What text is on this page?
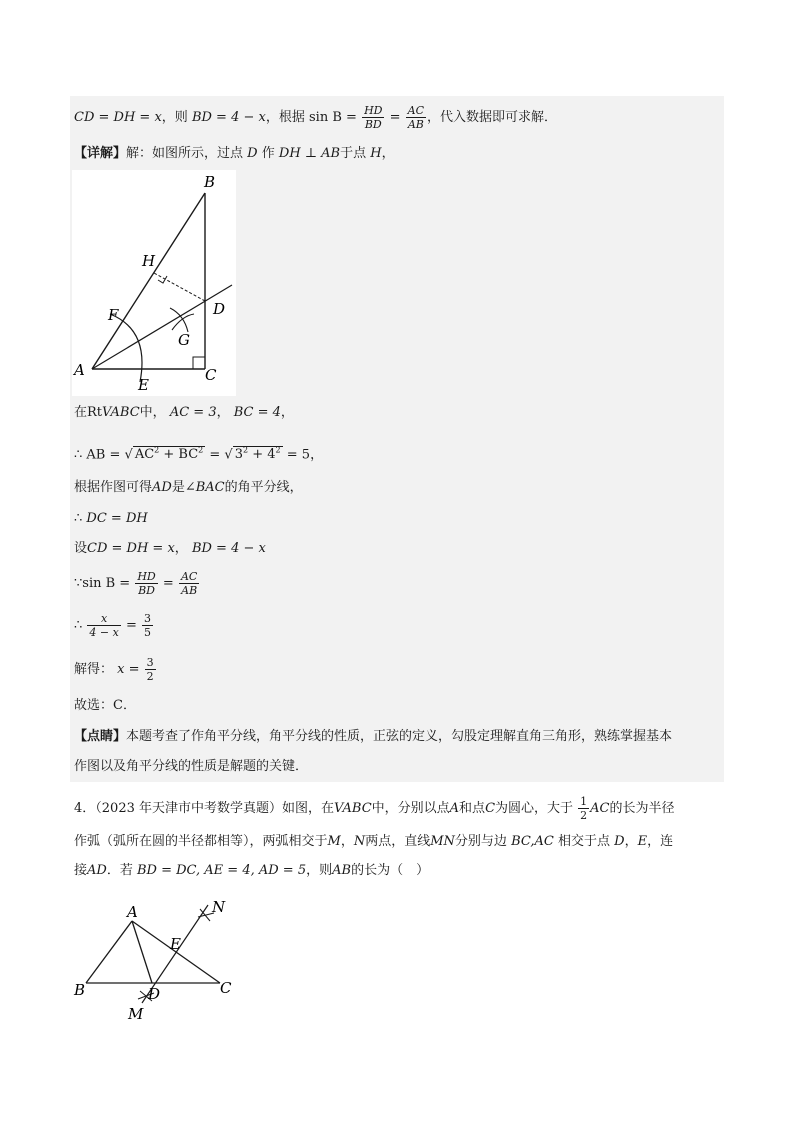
CD = DH = x，则 BD = 4 − x，根据 $\sin B = \frac{HD}{BD} = \frac{AC}{AB}$ ，代入数据即可求解．
【详解】解：如图所示，过点 D 作 DH ⊥ AB于点 H，
B
H
F	D
G
A
E
C
在RtVABC中， AC = 3， BC = 4，
∴ AB = √ $AC^2 + BC^2$ = √ $3^2 + 4^2 = 5$，
根据作图可得AD是∠BAC的角平分线，
∴ DC = DH
设CD = DH = x， BD = 4 − x
∵sin $B = \frac{HD}{BD} = \frac{AC}{AB}$
∴ $\frac{x}{4 - x} = \frac{3}{5}$
解得： $x = \frac{3}{2}$
故选：C．
【点睛】本题考查了作角平分线，角平分线的性质，正弦的定义，勾股定理解直角三角形，熟练掌握基本
作图以及角平分线的性质是解题的关键．
4．（2023 年天津市中考数学真题）如图，在VABC中，分别以点A和点C为圆心，大于 $\frac{1}{2}$ AC的长为半径
作弧（弧所在圆的半径都相等），两弧相交于M，N两点，直线MN分别与边 BC,AC 相交于点 D，E，连
接AD．若 BD = DC, AE = 4, AD = 5，则AB的长为（　）
A	N
E
B	D	C
M
